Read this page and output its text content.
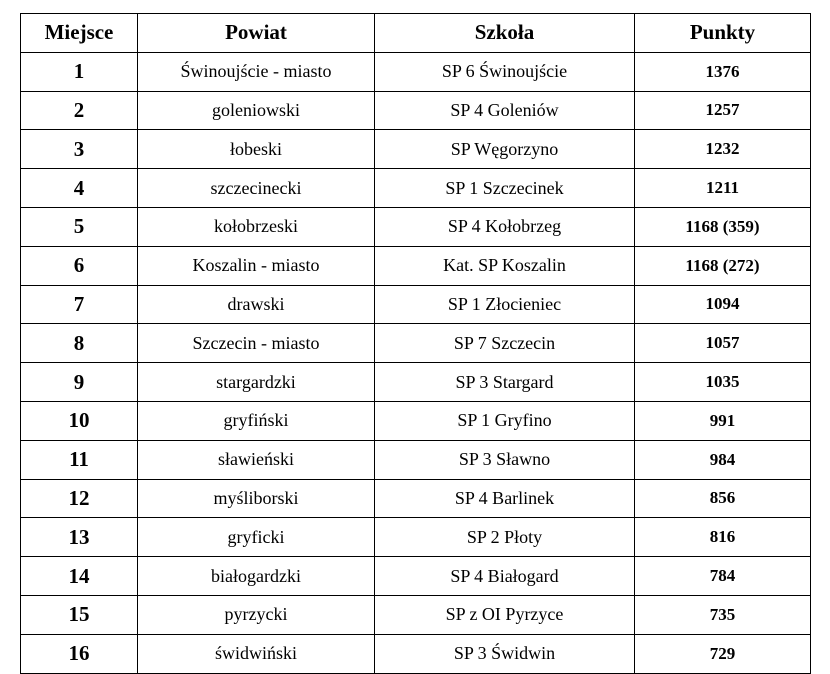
Miejsce	Powiat	Szkoła	Punkty
1	Świnoujście - miasto	SP 6 Świnoujście	1376
2	goleniowski	SP 4 Goleniów	1257
3	łobeski	SP Węgorzyno	1232
4	szczecinecki	SP 1 Szczecinek	1211
5	kołobrzeski	SP 4 Kołobrzeg	1168 (359)
6	Koszalin - miasto	Kat. SP Koszalin	1168 (272)
7	drawski	SP 1 Złocieniec	1094
8	Szczecin - miasto	SP 7 Szczecin	1057
9	stargardzki	SP 3 Stargard	1035
10	gryfiński	SP 1 Gryfino	991
11	sławieński	SP 3 Sławno	984
12	myśliborski	SP 4 Barlinek	856
13	gryficki	SP 2 Płoty	816
14	białogardzki	SP 4 Białogard	784
15	pyrzycki	SP z OI Pyrzyce	735
16	świdwiński	SP 3 Świdwin	729
